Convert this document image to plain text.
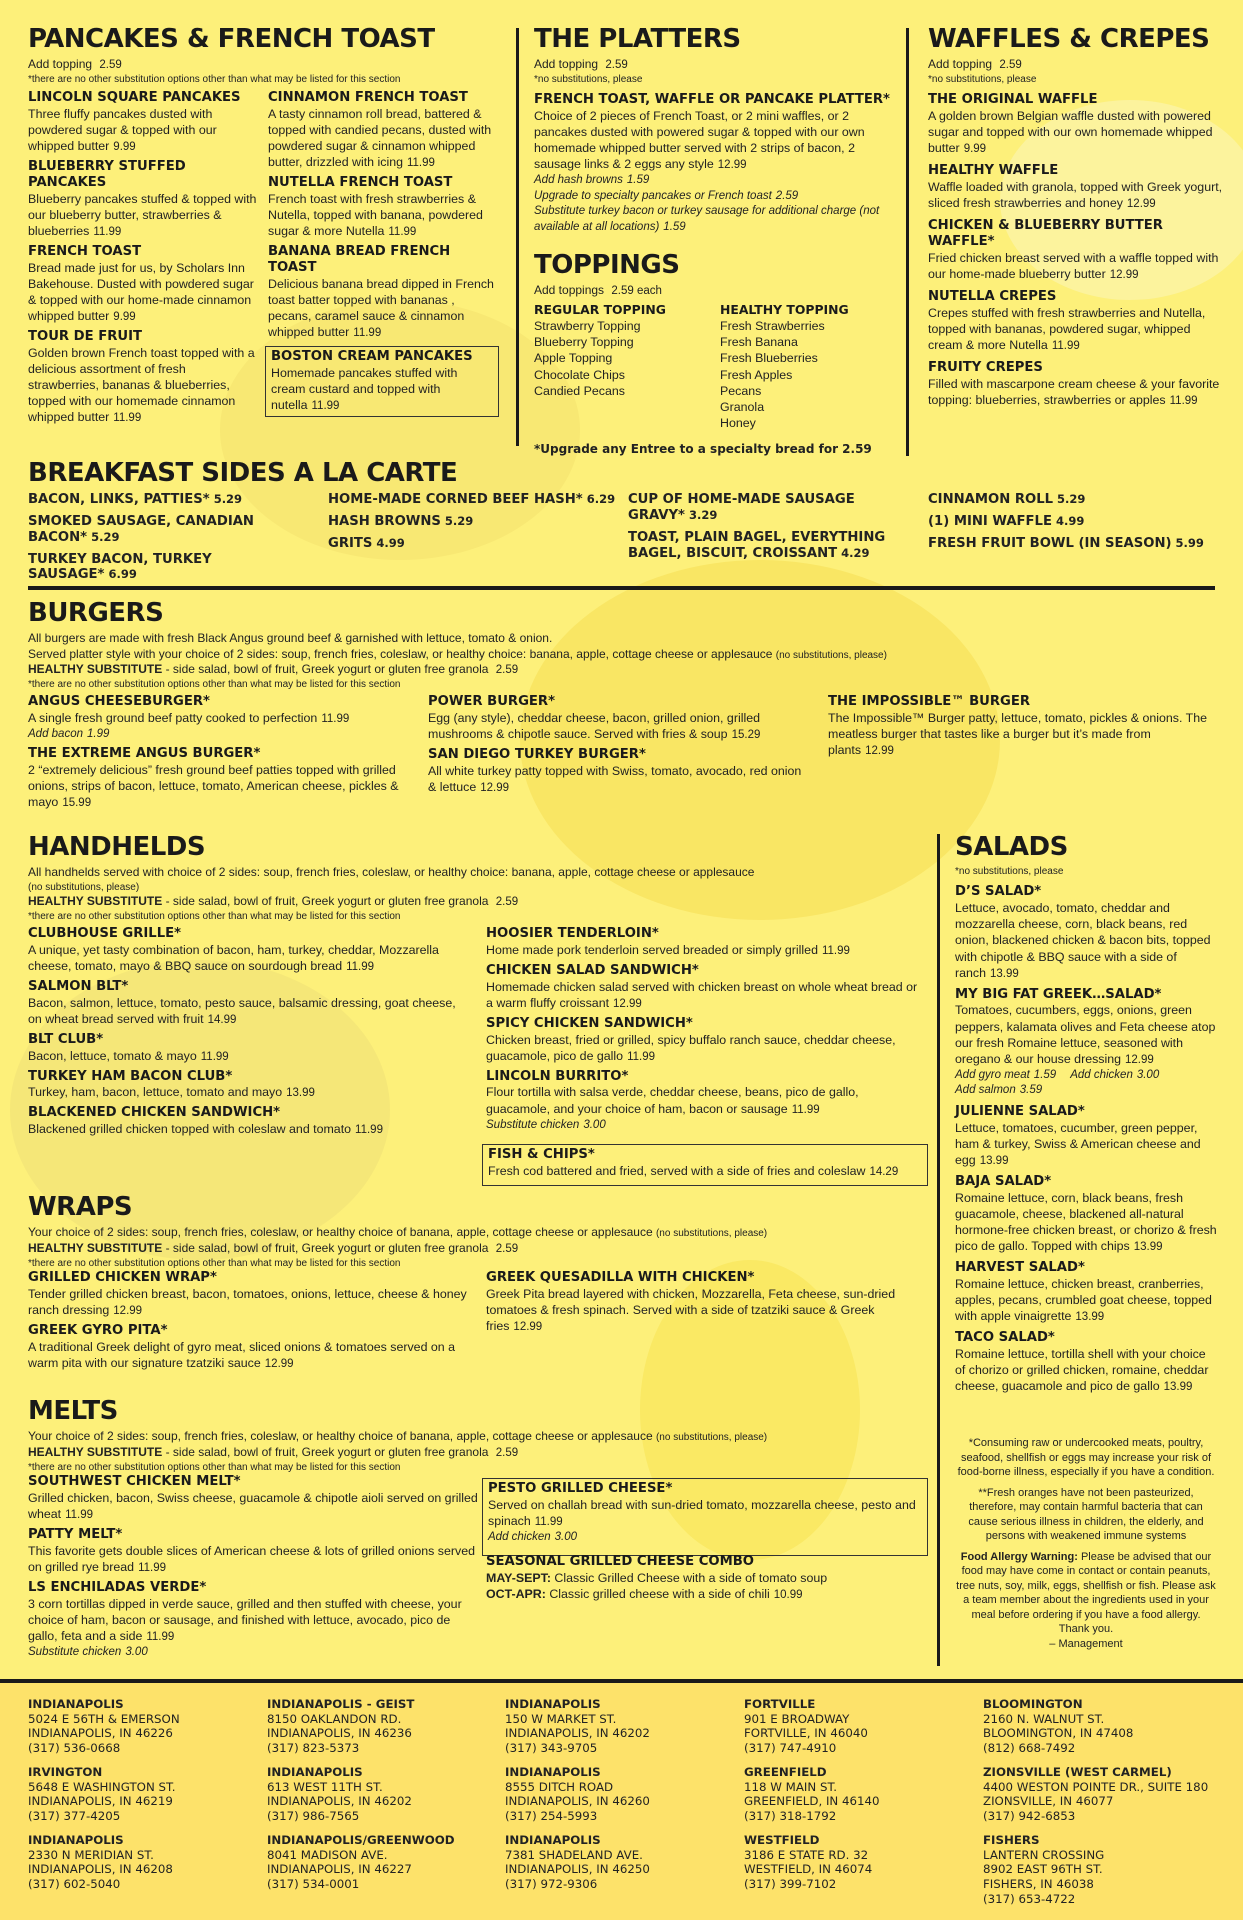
PANCAKES & FRENCH TOAST
Add topping 2.59
*there are no other substitution options other than what may be listed for this section
LINCOLN SQUARE PANCAKES
Three fluffy pancakes dusted with powdered sugar & topped with our whipped butter 9.99
BLUEBERRY STUFFED PANCAKES
Blueberry pancakes stuffed & topped with our blueberry butter, strawberries & blueberries 11.99
FRENCH TOAST
Bread made just for us, by Scholars Inn Bakehouse. Dusted with powdered sugar & topped with our home-made cinnamon whipped butter 9.99
TOUR DE FRUIT
Golden brown French toast topped with a delicious assortment of fresh strawberries, bananas & blueberries, topped with our homemade cinnamon whipped butter 11.99
CINNAMON FRENCH TOAST
A tasty cinnamon roll bread, battered & topped with candied pecans, dusted with powdered sugar & cinnamon whipped butter, drizzled with icing 11.99
NUTELLA FRENCH TOAST
French toast with fresh strawberries & Nutella, topped with banana, powdered sugar & more Nutella 11.99
BANANA BREAD FRENCH TOAST
Delicious banana bread dipped in French toast batter topped with bananas , pecans, caramel sauce & cinnamon whipped butter 11.99
BOSTON CREAM PANCAKES
Homemade pancakes stuffed with cream custard and topped with nutella 11.99
THE PLATTERS
Add topping 2.59
*no substitutions, please
FRENCH TOAST, WAFFLE OR PANCAKE PLATTER*
Choice of 2 pieces of French Toast, or 2 mini waffles, or 2 pancakes dusted with powered sugar & topped with our own homemade whipped butter served with 2 strips of bacon, 2 sausage links & 2 eggs any style 12.99
Add hash browns 1.59
Upgrade to specialty pancakes or French toast 2.59
Substitute turkey bacon or turkey sausage for additional charge (not available at all locations) 1.59
TOPPINGS
Add toppings 2.59 each
REGULAR TOPPING
Strawberry Topping
Blueberry Topping
Apple Topping
Chocolate Chips
Candied Pecans
HEALTHY TOPPING
Fresh Strawberries
Fresh Banana
Fresh Blueberries
Fresh Apples
Pecans
Granola
Honey
*Upgrade any Entree to a specialty bread for 2.59
WAFFLES & CREPES
Add topping 2.59
*no substitutions, please
THE ORIGINAL WAFFLE
A golden brown Belgian waffle dusted with powered sugar and topped with our own homemade whipped butter 9.99
HEALTHY WAFFLE
Waffle loaded with granola, topped with Greek yogurt, sliced fresh strawberries and honey 12.99
CHICKEN & BLUEBERRY BUTTER WAFFLE*
Fried chicken breast served with a waffle topped with our home-made blueberry butter 12.99
NUTELLA CREPES
Crepes stuffed with fresh strawberries and Nutella, topped with bananas, powdered sugar, whipped cream & more Nutella 11.99
FRUITY CREPES
Filled with mascarpone cream cheese & your favorite topping: blueberries, strawberries or apples 11.99
BREAKFAST SIDES A LA CARTE
BACON, LINKS, PATTIES* 5.29
SMOKED SAUSAGE, CANADIAN BACON* 5.29
TURKEY BACON, TURKEY SAUSAGE* 6.99
HOME-MADE CORNED BEEF HASH* 6.29
HASH BROWNS 5.29
GRITS 4.99
CUP OF HOME-MADE SAUSAGE GRAVY* 3.29
TOAST, PLAIN BAGEL, EVERYTHING BAGEL, BISCUIT, CROISSANT 4.29
CINNAMON ROLL 5.29
(1) MINI WAFFLE 4.99
FRESH FRUIT BOWL (IN SEASON) 5.99
BURGERS
All burgers are made with fresh Black Angus ground beef & garnished with lettuce, tomato & onion.
Served platter style with your choice of 2 sides: soup, french fries, coleslaw, or healthy choice: banana, apple, cottage cheese or applesauce (no substitutions, please)
HEALTHY SUBSTITUTE - side salad, bowl of fruit, Greek yogurt or gluten free granola 2.59
*there are no other substitution options other than what may be listed for this section
ANGUS CHEESEBURGER*
A single fresh ground beef patty cooked to perfection 11.99
Add bacon 1.99
THE EXTREME ANGUS BURGER*
2 “extremely delicious” fresh ground beef patties topped with grilled onions, strips of bacon, lettuce, tomato, American cheese, pickles & mayo 15.99
POWER BURGER*
Egg (any style), cheddar cheese, bacon, grilled onion, grilled mushrooms & chipotle sauce. Served with fries & soup 15.29
SAN DIEGO TURKEY BURGER*
All white turkey patty topped with Swiss, tomato, avocado, red onion & lettuce 12.99
THE IMPOSSIBLE™ BURGER
The Impossible™ Burger patty, lettuce, tomato, pickles & onions. The meatless burger that tastes like a burger but it’s made from plants 12.99
HANDHELDS
All handhelds served with choice of 2 sides: soup, french fries, coleslaw, or healthy choice: banana, apple, cottage cheese or applesauce
(no substitutions, please)
HEALTHY SUBSTITUTE - side salad, bowl of fruit, Greek yogurt or gluten free granola 2.59
*there are no other substitution options other than what may be listed for this section
CLUBHOUSE GRILLE*
A unique, yet tasty combination of bacon, ham, turkey, cheddar, Mozzarella cheese, tomato, mayo & BBQ sauce on sourdough bread 11.99
SALMON BLT*
Bacon, salmon, lettuce, tomato, pesto sauce, balsamic dressing, goat cheese, on wheat bread served with fruit 14.99
BLT CLUB*
Bacon, lettuce, tomato & mayo 11.99
TURKEY HAM BACON CLUB*
Turkey, ham, bacon, lettuce, tomato and mayo 13.99
BLACKENED CHICKEN SANDWICH*
Blackened grilled chicken topped with coleslaw and tomato 11.99
HOOSIER TENDERLOIN*
Home made pork tenderloin served breaded or simply grilled 11.99
CHICKEN SALAD SANDWICH*
Homemade chicken salad served with chicken breast on whole wheat bread or a warm fluffy croissant 12.99
SPICY CHICKEN SANDWICH*
Chicken breast, fried or grilled, spicy buffalo ranch sauce, cheddar cheese, guacamole, pico de gallo 11.99
LINCOLN BURRITO*
Flour tortilla with salsa verde, cheddar cheese, beans, pico de gallo, guacamole, and your choice of ham, bacon or sausage 11.99
Substitute chicken 3.00
FISH & CHIPS*
Fresh cod battered and fried, served with a side of fries and coleslaw 14.29
WRAPS
Your choice of 2 sides: soup, french fries, coleslaw, or healthy choice of banana, apple, cottage cheese or applesauce (no substitutions, please)
HEALTHY SUBSTITUTE - side salad, bowl of fruit, Greek yogurt or gluten free granola 2.59
*there are no other substitution options other than what may be listed for this section
GRILLED CHICKEN WRAP*
Tender grilled chicken breast, bacon, tomatoes, onions, lettuce, cheese & honey ranch dressing 12.99
GREEK GYRO PITA*
A traditional Greek delight of gyro meat, sliced onions & tomatoes served on a warm pita with our signature tzatziki sauce 12.99
GREEK QUESADILLA WITH CHICKEN*
Greek Pita bread layered with chicken, Mozzarella, Feta cheese, sun-dried tomatoes & fresh spinach. Served with a side of tzatziki sauce & Greek fries 12.99
MELTS
Your choice of 2 sides: soup, french fries, coleslaw, or healthy choice of banana, apple, cottage cheese or applesauce (no substitutions, please)
HEALTHY SUBSTITUTE - side salad, bowl of fruit, Greek yogurt or gluten free granola 2.59
*there are no other substitution options other than what may be listed for this section
SOUTHWEST CHICKEN MELT*
Grilled chicken, bacon, Swiss cheese, guacamole & chipotle aioli served on grilled wheat 11.99
PATTY MELT*
This favorite gets double slices of American cheese & lots of grilled onions served on grilled rye bread 11.99
LS ENCHILADAS VERDE*
3 corn tortillas dipped in verde sauce, grilled and then stuffed with cheese, your choice of ham, bacon or sausage, and finished with lettuce, avocado, pico de gallo, feta and a side 11.99
Substitute chicken 3.00
PESTO GRILLED CHEESE*
Served on challah bread with sun-dried tomato, mozzarella cheese, pesto and spinach 11.99
Add chicken 3.00
SEASONAL GRILLED CHEESE COMBO
MAY-SEPT: Classic Grilled Cheese with a side of tomato soup
OCT-APR: Classic grilled cheese with a side of chili 10.99
SALADS
*no substitutions, please
D’S SALAD*
Lettuce, avocado, tomato, cheddar and mozzarella cheese, corn, black beans, red onion, blackened chicken & bacon bits, topped with chipotle & BBQ sauce with a side of ranch 13.99
MY BIG FAT GREEK…SALAD*
Tomatoes, cucumbers, eggs, onions, green peppers, kalamata olives and Feta cheese atop our fresh Romaine lettuce, seasoned with oregano & our house dressing 12.99
Add gyro meat 1.59 Add chicken 3.00
Add salmon 3.59
JULIENNE SALAD*
Lettuce, tomatoes, cucumber, green pepper, ham & turkey, Swiss & American cheese and egg 13.99
BAJA SALAD*
Romaine lettuce, corn, black beans, fresh guacamole, cheese, blackened all-natural hormone-free chicken breast, or chorizo & fresh pico de gallo. Topped with chips 13.99
HARVEST SALAD*
Romaine lettuce, chicken breast, cranberries, apples, pecans, crumbled goat cheese, topped with apple vinaigrette 13.99
TACO SALAD*
Romaine lettuce, tortilla shell with your choice of chorizo or grilled chicken, romaine, cheddar cheese, guacamole and pico de gallo 13.99
*Consuming raw or undercooked meats, poultry, seafood, shellfish or eggs may increase your risk of food-borne illness, especially if you have a condition.
**Fresh oranges have not been pasteurized, therefore, may contain harmful bacteria that can cause serious illness in children, the elderly, and persons with weakened immune systems
Food Allergy Warning: Please be advised that our food may have come in contact or contain peanuts, tree nuts, soy, milk, eggs, shellfish or fish. Please ask a team member about the ingredients used in your meal before ordering if you have a food allergy. Thank you.
– Management
INDIANAPOLIS
5024 E 56TH & EMERSON
INDIANAPOLIS, IN 46226
(317) 536-0668
IRVINGTON
5648 E WASHINGTON ST.
INDIANAPOLIS, IN 46219
(317) 377-4205
INDIANAPOLIS
2330 N MERIDIAN ST.
INDIANAPOLIS, IN 46208
(317) 602-5040
INDIANAPOLIS - GEIST
8150 OAKLANDON RD.
INDIANAPOLIS, IN 46236
(317) 823-5373
INDIANAPOLIS
613 WEST 11TH ST.
INDIANAPOLIS, IN 46202
(317) 986-7565
INDIANAPOLIS/GREENWOOD
8041 MADISON AVE.
INDIANAPOLIS, IN 46227
(317) 534-0001
INDIANAPOLIS
150 W MARKET ST.
INDIANAPOLIS, IN 46202
(317) 343-9705
INDIANAPOLIS
8555 DITCH ROAD
INDIANAPOLIS, IN 46260
(317) 254-5993
INDIANAPOLIS
7381 SHADELAND AVE.
INDIANAPOLIS, IN 46250
(317) 972-9306
FORTVILLE
901 E BROADWAY
FORTVILLE, IN 46040
(317) 747-4910
GREENFIELD
118 W MAIN ST.
GREENFIELD, IN 46140
(317) 318-1792
WESTFIELD
3186 E STATE RD. 32
WESTFIELD, IN 46074
(317) 399-7102
BLOOMINGTON
2160 N. WALNUT ST.
BLOOMINGTON, IN 47408
(812) 668-7492
ZIONSVILLE (WEST CARMEL)
4400 WESTON POINTE DR., SUITE 180
ZIONSVILLE, IN 46077
(317) 942-6853
FISHERS
LANTERN CROSSING
8902 EAST 96TH ST.
FISHERS, IN 46038
(317) 653-4722
